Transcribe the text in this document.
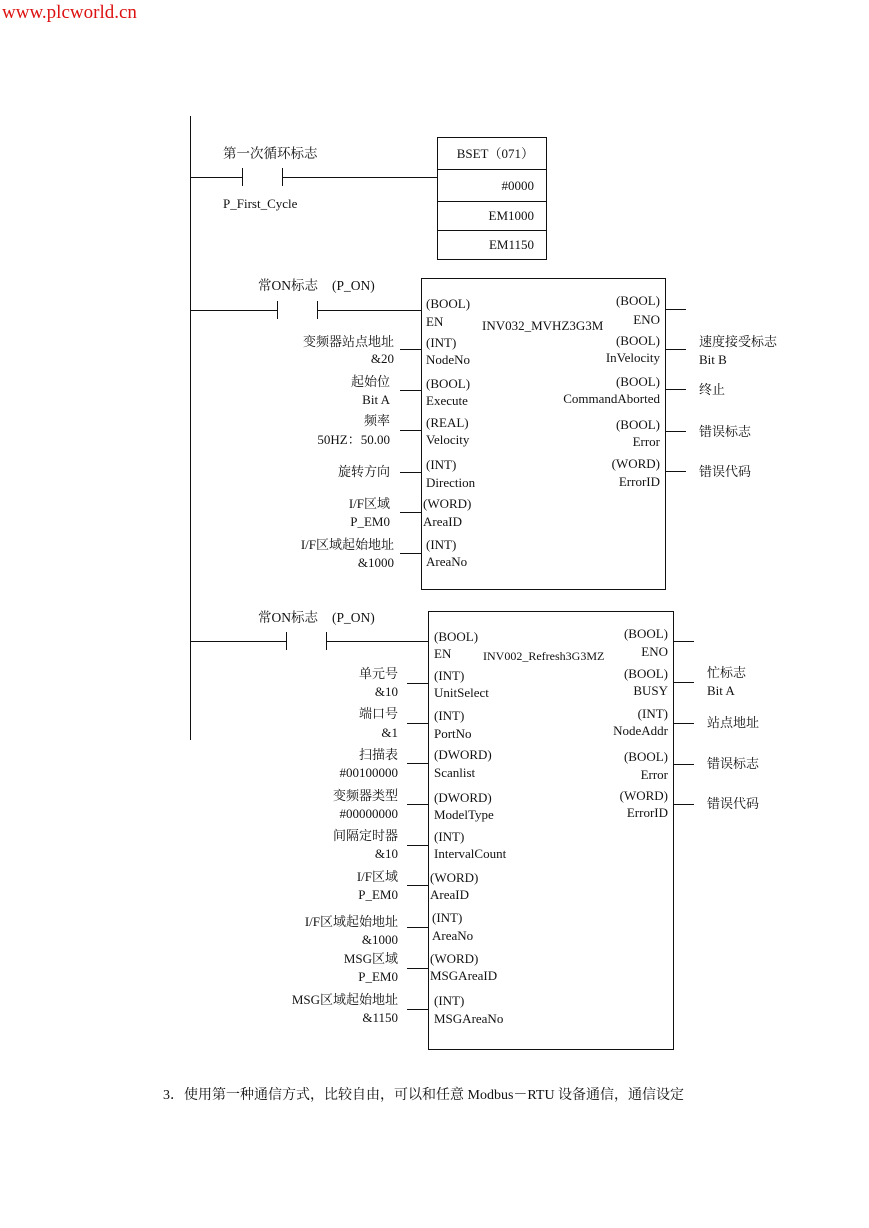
www.plcworld.cn
第一次循环标志
P_First_Cycle
BSET（071）
#0000
EM1000
EM1150
常ON标志 (P_ON)
INV032_MVHZ3G3M
(BOOL)
EN
变频器站点地址
&20
(INT)
NodeNo
起始位
Bit A
(BOOL)
Execute
频率
50HZ：50.00
(REAL)
Velocity
旋转方向	(INT)
Direction
I/F区域
P_EM0
(WORD)
AreaID
I/F区域起始地址
&1000
(INT)
AreaNo
(BOOL)
ENO
(BOOL)
InVelocity
速度接受标志
Bit B
(BOOL)
CommandAborted
终止
(BOOL)
Error
错误标志
(WORD)
ErrorID
错误代码
常ON标志 (P_ON)
INV002_Refresh3G3MZ
(BOOL)
EN
单元号
&10
(INT)
UnitSelect
端口号
&1
(INT)
PortNo
扫描表
#00100000
(DWORD)
Scanlist
变频器类型
#00000000
(DWORD)
ModelType
间隔定时器
&10
(INT)
IntervalCount
I/F区域
P_EM0
(WORD)
AreaID
I/F区域起始地址
&1000
(INT)
AreaNo
MSG区域
P_EM0
(WORD)
MSGAreaID
MSG区域起始地址
&1150
(INT)
MSGAreaNo
(BOOL)
ENO
(BOOL)
BUSY
忙标志
Bit A
(INT)
NodeAddr
站点地址
(BOOL)
Error
错误标志
(WORD)
ErrorID
错误代码
3．使用第一种通信方式，比较自由，可以和任意 Modbus－RTU 设备通信，通信设定
